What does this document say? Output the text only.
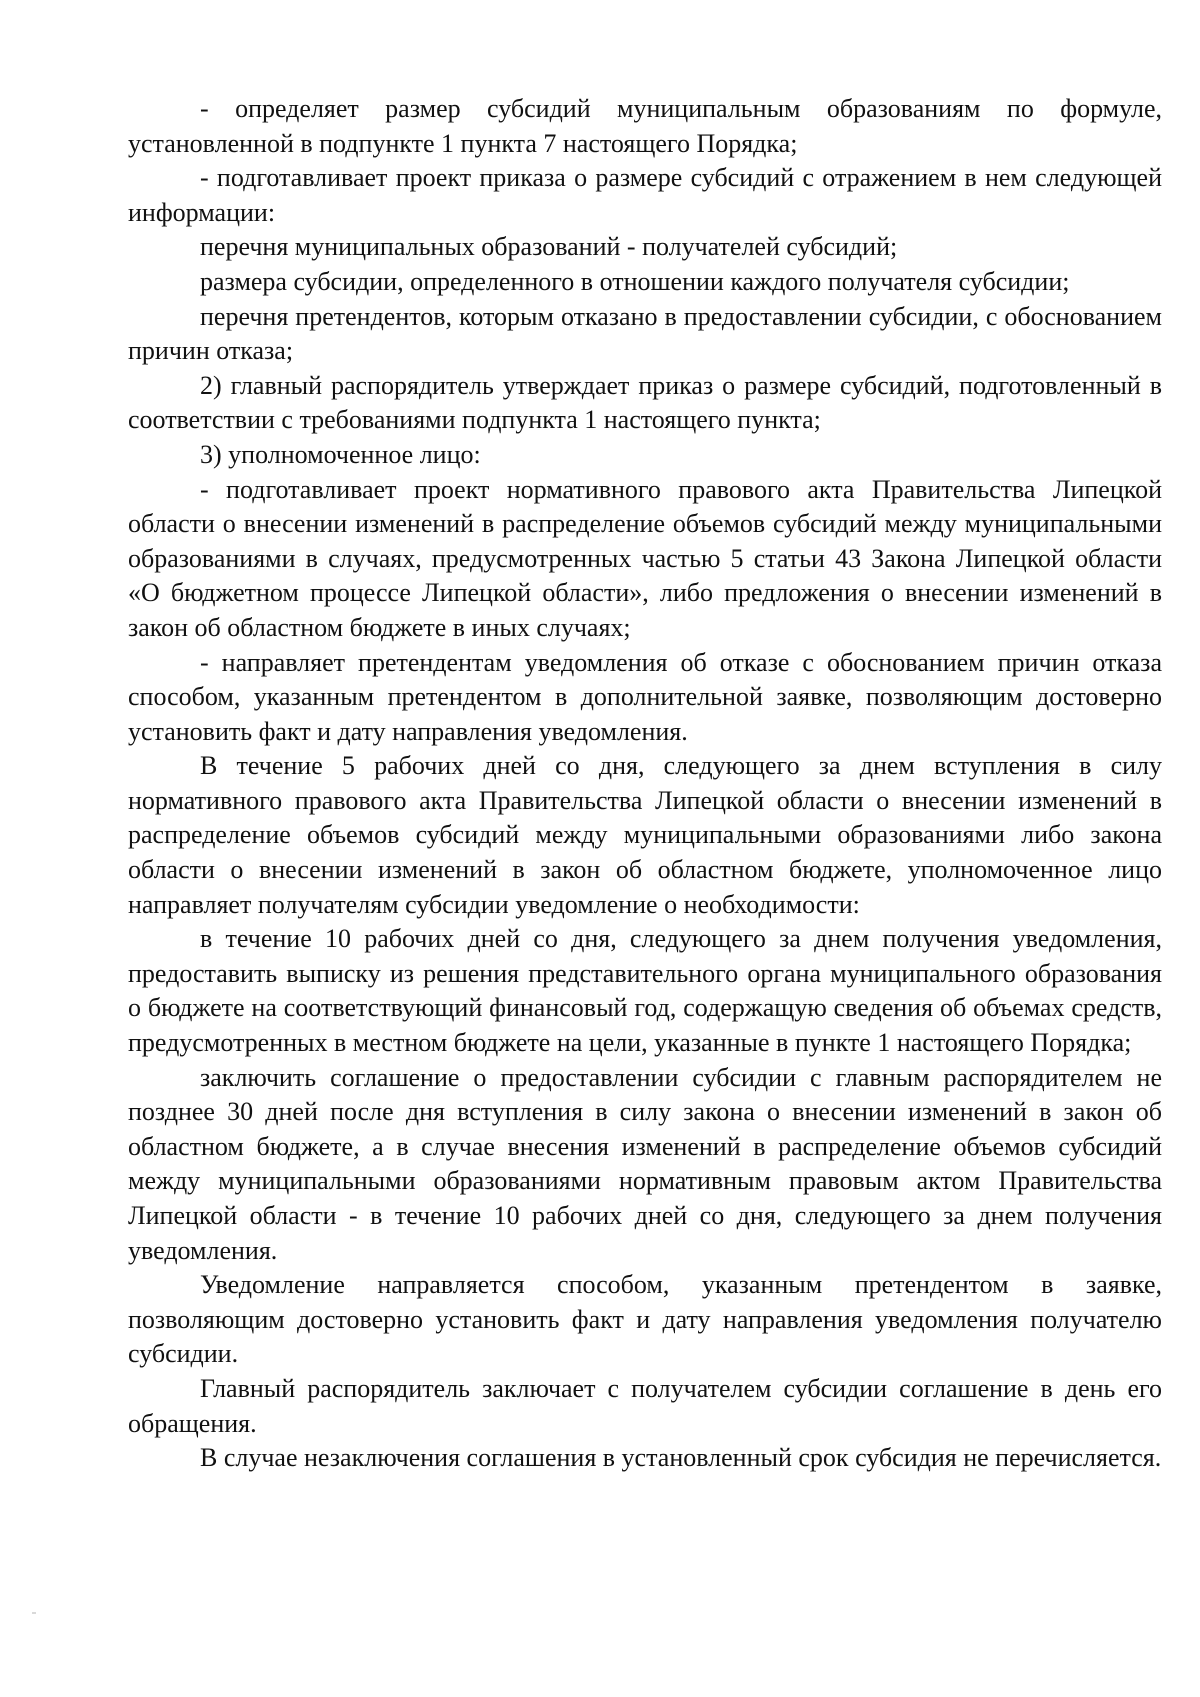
- определяет размер субсидий муниципальным образованиям по формуле, установленной в подпункте 1 пункта 7 настоящего Порядка;

- подготавливает проект приказа о размере субсидий с отражением в нем следующей информации:

перечня муниципальных образований - получателей субсидий;

размера субсидии, определенного в отношении каждого получателя субсидии;

перечня претендентов, которым отказано в предоставлении субсидии, с обоснованием причин отказа;

2) главный распорядитель утверждает приказ о размере субсидий, подготовленный в соответствии с требованиями подпункта 1 настоящего пункта;

3) уполномоченное лицо:

- подготавливает проект нормативного правового акта Правительства Липецкой области о внесении изменений в распределение объемов субсидий между муниципальными образованиями в случаях, предусмотренных частью 5 статьи 43 Закона Липецкой области «О бюджетном процессе Липецкой области», либо предложения о внесении изменений в закон об областном бюджете в иных случаях;

- направляет претендентам уведомления об отказе с обоснованием причин отказа способом, указанным претендентом в дополнительной заявке, позволяющим достоверно установить факт и дату направления уведомления.

В течение 5 рабочих дней со дня, следующего за днем вступления в силу нормативного правового акта Правительства Липецкой области о внесении изменений в распределение объемов субсидий между муниципальными образованиями либо закона области о внесении изменений в закон об областном бюджете, уполномоченное лицо направляет получателям субсидии уведомление о необходимости:

в течение 10 рабочих дней со дня, следующего за днем получения уведомления, предоставить выписку из решения представительного органа муниципального образования о бюджете на соответствующий финансовый год, содержащую сведения об объемах средств, предусмотренных в местном бюджете на цели, указанные в пункте 1 настоящего Порядка;

заключить соглашение о предоставлении субсидии с главным распорядителем не позднее 30 дней после дня вступления в силу закона о внесении изменений в закон об областном бюджете, а в случае внесения изменений в распределение объемов субсидий между муниципальными образованиями нормативным правовым актом Правительства Липецкой области - в течение 10 рабочих дней со дня, следующего за днем получения уведомления.

Уведомление направляется способом, указанным претендентом в заявке, позволяющим достоверно установить факт и дату направления уведомления получателю субсидии.

Главный распорядитель заключает с получателем субсидии соглашение в день его обращения.

В случае незаключения соглашения в установленный срок субсидия не перечисляется.
